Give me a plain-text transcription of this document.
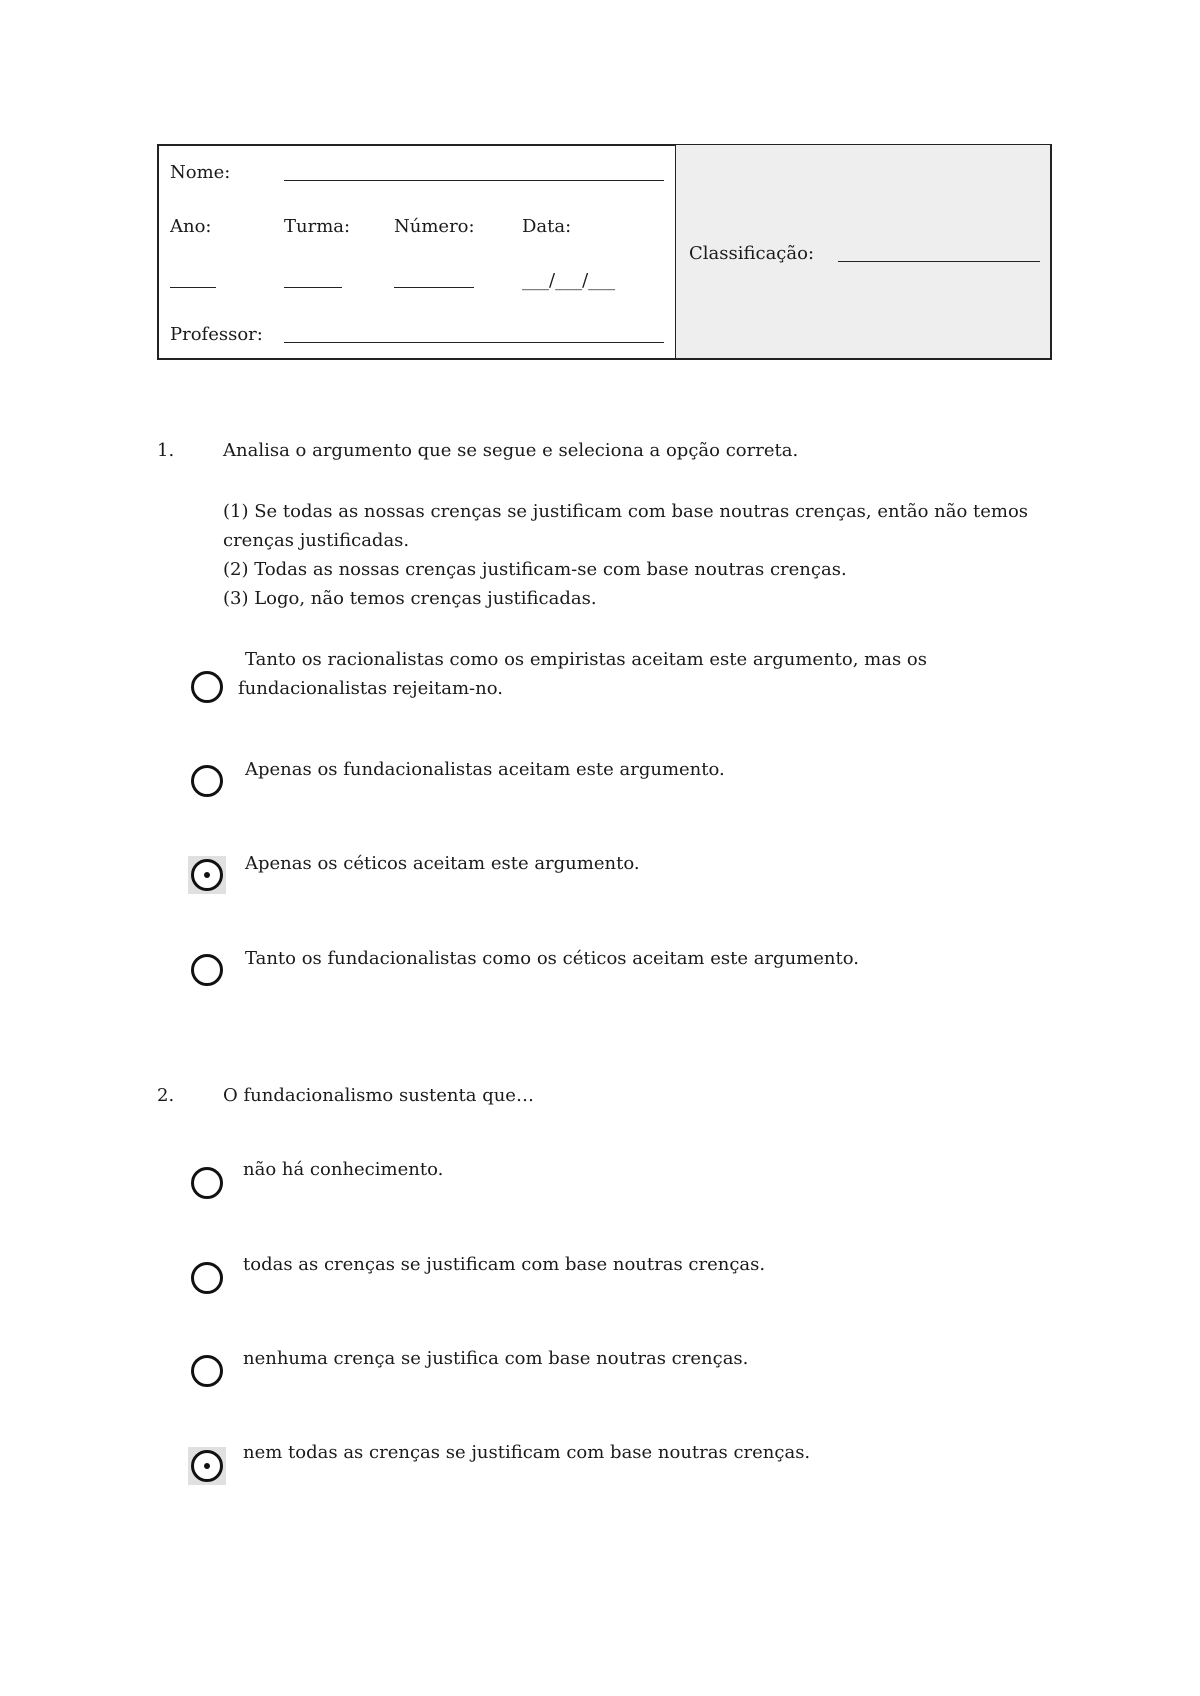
Nome:
Ano:	Turma: Número:	Data:
___/___/___
Professor:
Classificação:
1.	Analisa o argumento que se segue e seleciona a opção correta.
(1) Se todas as nossas crenças se justificam com base noutras crenças, então não temos
crenças justificadas.
(2) Todas as nossas crenças justificam-se com base noutras crenças.
(3) Logo, não temos crenças justificadas.
Tanto os racionalistas como os empiristas aceitam este argumento, mas os
fundacionalistas rejeitam-no.
Apenas os fundacionalistas aceitam este argumento.
Apenas os céticos aceitam este argumento.
Tanto os fundacionalistas como os céticos aceitam este argumento.
2.	O fundacionalismo sustenta que…
não há conhecimento.
todas as crenças se justificam com base noutras crenças.
nenhuma crença se justifica com base noutras crenças.
nem todas as crenças se justificam com base noutras crenças.
